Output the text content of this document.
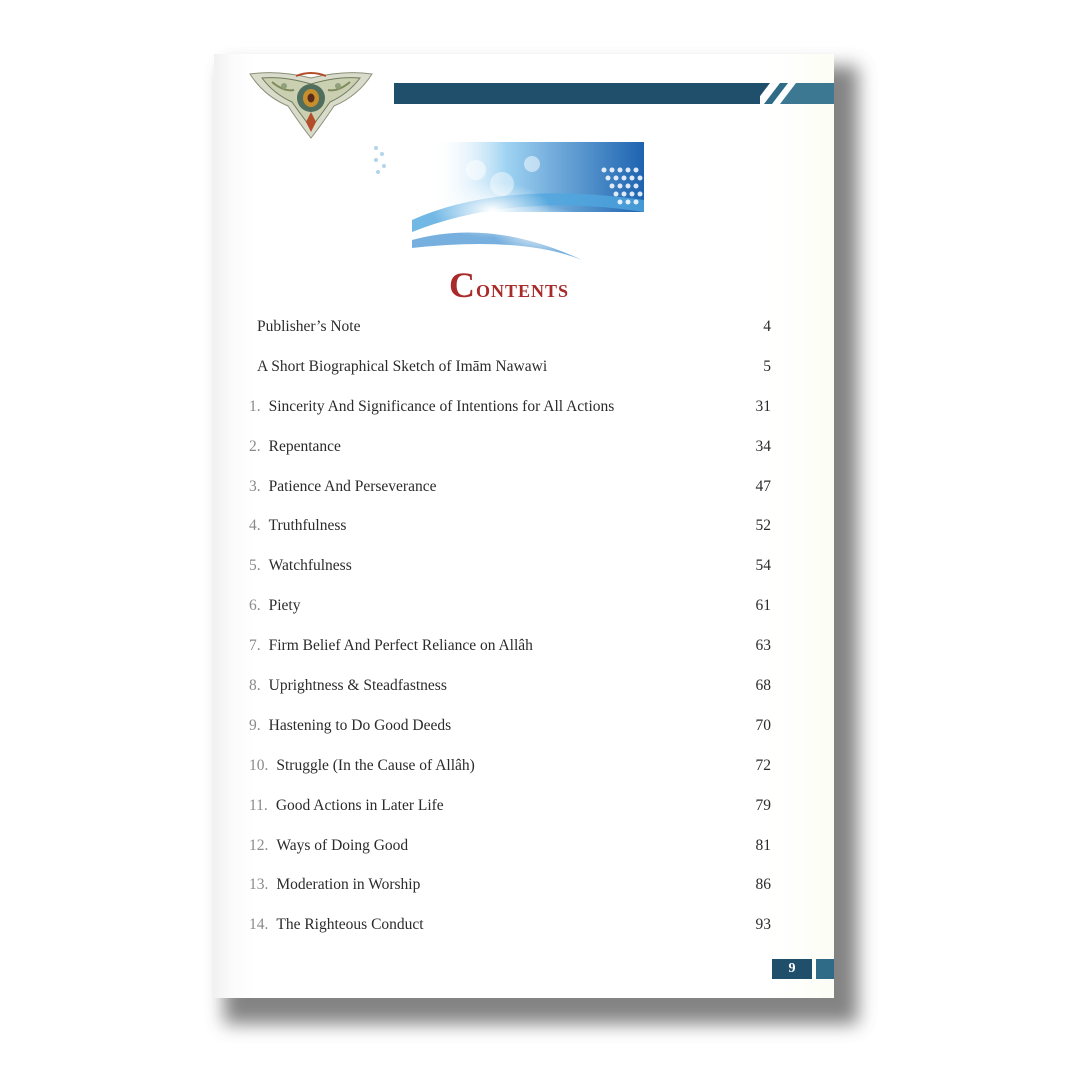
Contents
Publisher’s Note	4
A Short Biographical Sketch of Imām Nawawi	5
1. Sincerity And Significance of Intentions for All Actions	31
2. Repentance	34
3. Patience And Perseverance	47
4. Truthfulness	52
5. Watchfulness	54
6. Piety	61
7. Firm Belief And Perfect Reliance on Allâh	63
8. Uprightness & Steadfastness	68
9. Hastening to Do Good Deeds	70
10. Struggle (In the Cause of Allâh)	72
11. Good Actions in Later Life	79
12. Ways of Doing Good	81
13. Moderation in Worship	86
14. The Righteous Conduct	93
9
